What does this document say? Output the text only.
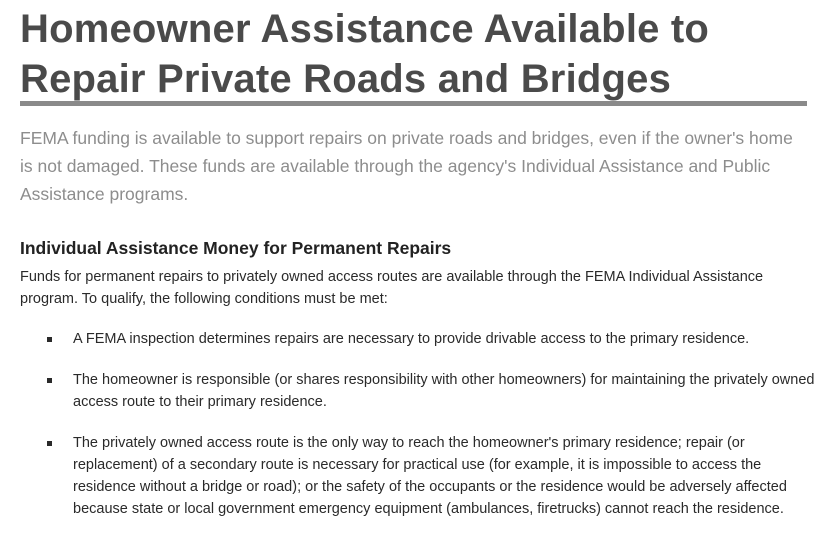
Homeowner Assistance Available to
Repair Private Roads and Bridges

FEMA funding is available to support repairs on private roads and bridges, even if the owner's home is not damaged. These funds are available through the agency's Individual Assistance and Public Assistance programs.

Individual Assistance Money for Permanent Repairs

Funds for permanent repairs to privately owned access routes are available through the FEMA Individual Assistance program. To qualify, the following conditions must be met:

A FEMA inspection determines repairs are necessary to provide drivable access to the primary residence.
The homeowner is responsible (or shares responsibility with other homeowners) for maintaining the privately owned access route to their primary residence.
The privately owned access route is the only way to reach the homeowner's primary residence; repair (or replacement) of a secondary route is necessary for practical use (for example, it is impossible to access the residence without a bridge or road); or the safety of the occupants or the residence would be adversely affected because state or local government emergency equipment (ambulances, firetrucks) cannot reach the residence.
